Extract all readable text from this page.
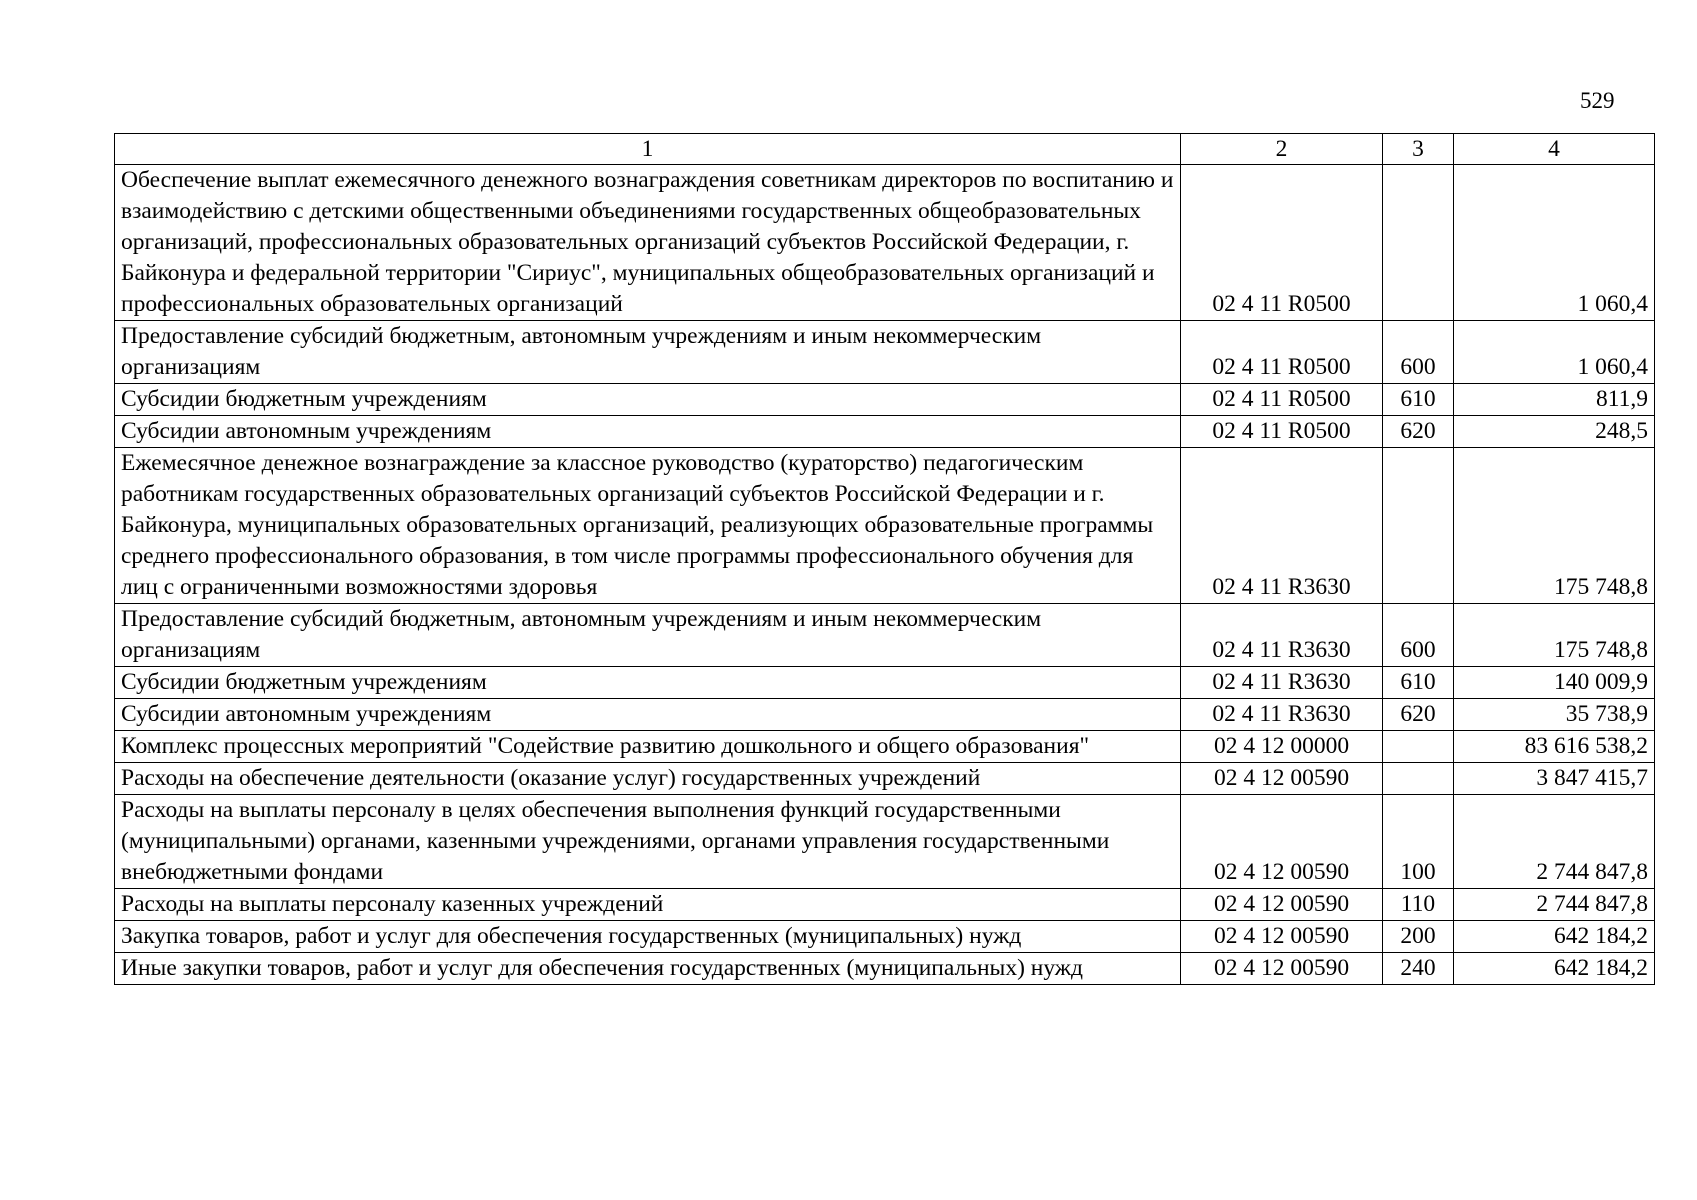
529
1	2	3	4
Обеспечение выплат ежемесячного денежного вознаграждения советникам директоров по воспитанию и взаимодействию с детскими общественными объединениями государственных общеобразовательных организаций, профессиональных образовательных организаций субъектов Российской Федерации, г. Байконура и федеральной территории "Сириус", муниципальных общеобразовательных организаций и профессиональных образовательных организаций	02 4 11 R0500		1 060,4
Предоставление субсидий бюджетным, автономным учреждениям и иным некоммерческим организациям	02 4 11 R0500	600	1 060,4
Субсидии бюджетным учреждениям	02 4 11 R0500	610	811,9
Субсидии автономным учреждениям	02 4 11 R0500	620	248,5
Ежемесячное денежное вознаграждение за классное руководство (кураторство) педагогическим работникам государственных образовательных организаций субъектов Российской Федерации и г. Байконура, муниципальных образовательных организаций, реализующих образовательные программы среднего профессионального образования, в том числе программы профессионального обучения для лиц с ограниченными возможностями здоровья	02 4 11 R3630		175 748,8
Предоставление субсидий бюджетным, автономным учреждениям и иным некоммерческим организациям	02 4 11 R3630	600	175 748,8
Субсидии бюджетным учреждениям	02 4 11 R3630	610	140 009,9
Субсидии автономным учреждениям	02 4 11 R3630	620	35 738,9
Комплекс процессных мероприятий "Содействие развитию дошкольного и общего образования"	02 4 12 00000		83 616 538,2
Расходы на обеспечение деятельности (оказание услуг) государственных учреждений	02 4 12 00590		3 847 415,7
Расходы на выплаты персоналу в целях обеспечения выполнения функций государственными (муниципальными) органами, казенными учреждениями, органами управления государственными внебюджетными фондами	02 4 12 00590	100	2 744 847,8
Расходы на выплаты персоналу казенных учреждений	02 4 12 00590	110	2 744 847,8
Закупка товаров, работ и услуг для обеспечения государственных (муниципальных) нужд	02 4 12 00590	200	642 184,2
Иные закупки товаров, работ и услуг для обеспечения государственных (муниципальных) нужд	02 4 12 00590	240	642 184,2
